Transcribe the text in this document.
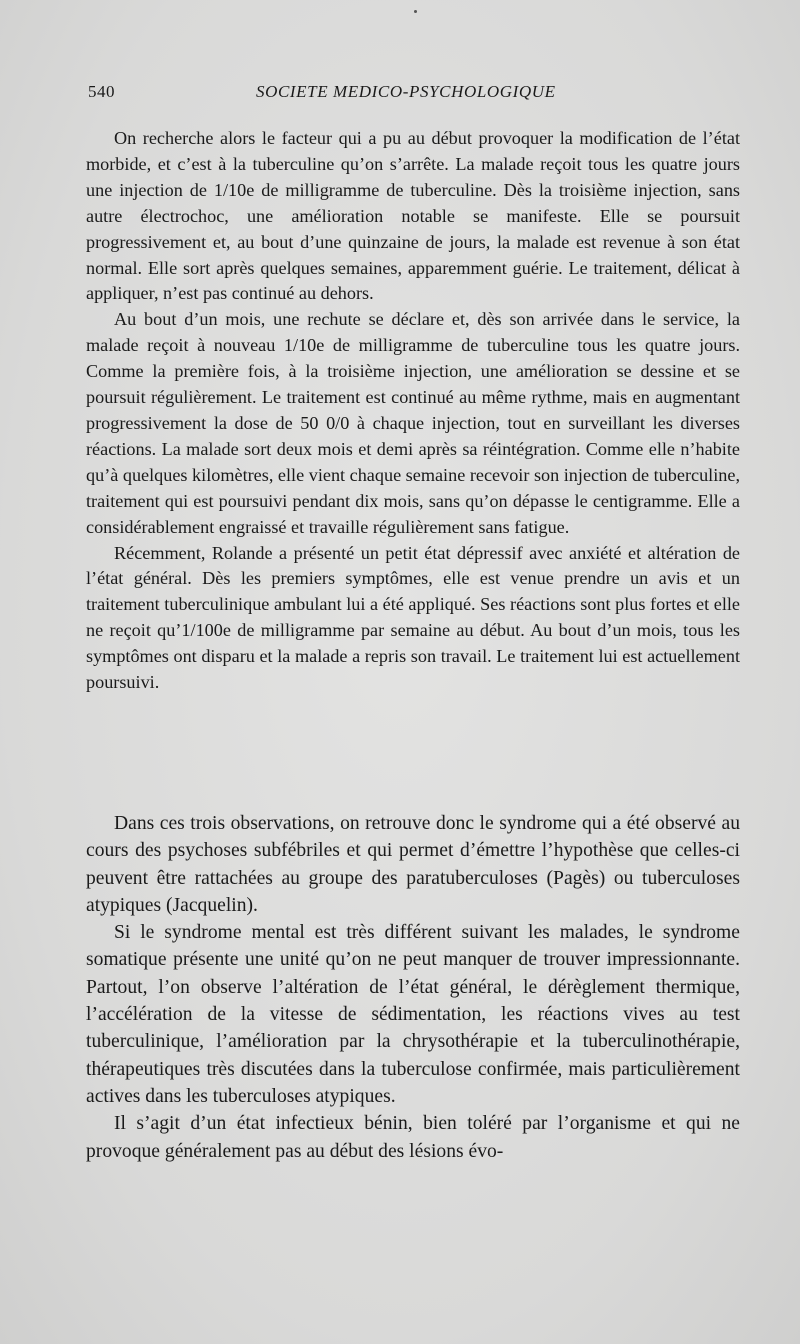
540	SOCIETE MEDICO-PSYCHOLOGIQUE

On recherche alors le facteur qui a pu au début provoquer la modification de l’état morbide, et c’est à la tuberculine qu’on s’arrête. La malade reçoit tous les quatre jours une injection de 1/10e de milligramme de tuberculine. Dès la troisième injection, sans autre électrochoc, une amélioration notable se manifeste. Elle se poursuit progressivement et, au bout d’une quinzaine de jours, la malade est revenue à son état normal. Elle sort après quelques semaines, apparemment guérie. Le traitement, délicat à appliquer, n’est pas continué au dehors.

Au bout d’un mois, une rechute se déclare et, dès son arrivée dans le service, la malade reçoit à nouveau 1/10e de milligramme de tuberculine tous les quatre jours. Comme la première fois, à la troisième injection, une amélioration se dessine et se poursuit régulièrement. Le traitement est continué au même rythme, mais en augmentant progressivement la dose de 50 0/0 à chaque injection, tout en surveillant les diverses réactions. La malade sort deux mois et demi après sa réintégration. Comme elle n’habite qu’à quelques kilomètres, elle vient chaque semaine recevoir son injection de tuberculine, traitement qui est poursuivi pendant dix mois, sans qu’on dépasse le centigramme. Elle a considérablement engraissé et travaille régulièrement sans fatigue.

Récemment, Rolande a présenté un petit état dépressif avec anxiété et altération de l’état général. Dès les premiers symptômes, elle est venue prendre un avis et un traitement tuberculinique ambulant lui a été appliqué. Ses réactions sont plus fortes et elle ne reçoit qu’1/100e de milligramme par semaine au début. Au bout d’un mois, tous les symptômes ont disparu et la malade a repris son travail. Le traitement lui est actuellement poursuivi.

Dans ces trois observations, on retrouve donc le syndrome qui a été observé au cours des psychoses subfébriles et qui permet d’émettre l’hypothèse que celles-ci peuvent être rattachées au groupe des paratuberculoses (Pagès) ou tuberculoses atypiques (Jacquelin).

Si le syndrome mental est très différent suivant les malades, le syndrome somatique présente une unité qu’on ne peut manquer de trouver impressionnante. Partout, l’on observe l’altération de l’état général, le dérèglement thermique, l’accélération de la vitesse de sédimentation, les réactions vives au test tuberculinique, l’amélioration par la chrysothérapie et la tuberculinothérapie, thérapeutiques très discutées dans la tuberculose confirmée, mais particulièrement actives dans les tuberculoses atypiques.

Il s’agit d’un état infectieux bénin, bien toléré par l’organisme et qui ne provoque généralement pas au début des lésions évo-
